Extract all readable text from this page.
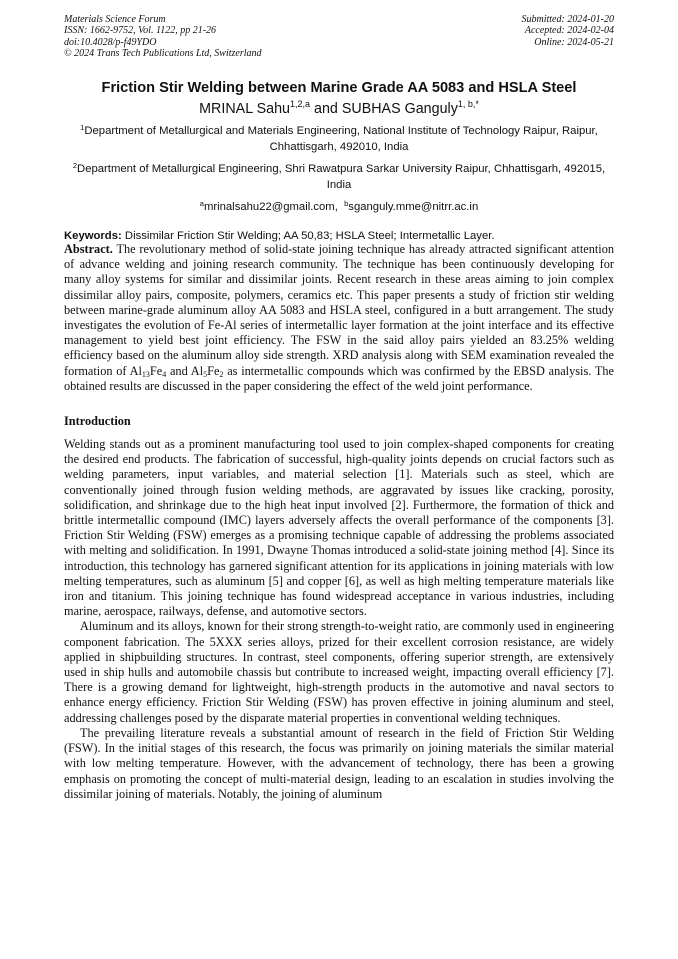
Materials Science Forum
ISSN: 1662-9752, Vol. 1122, pp 21-26
doi:10.4028/p-f49YDO
© 2024 Trans Tech Publications Ltd, Switzerland
Submitted: 2024-01-20
Accepted: 2024-02-04
Online: 2024-05-21
Friction Stir Welding between Marine Grade AA 5083 and HSLA Steel
MRINAL Sahu$^{1,2,a}$ and SUBHAS Ganguly$^{1, b,*}$
$^1$Department of Metallurgical and Materials Engineering, National Institute of Technology Raipur, Raipur, Chhattisgarh, 492010, India
$^2$Department of Metallurgical Engineering, Shri Rawatpura Sarkar University Raipur, Chhattisgarh, 492015, India
$^a$mrinalsahu22@gmail.com, $^b$sganguly.mme@nitrr.ac.in
Keywords: Dissimilar Friction Stir Welding; AA 50,83; HSLA Steel; Intermetallic Layer.

Abstract. The revolutionary method of solid-state joining technique has already attracted significant attention of advance welding and joining research community. The technique has been continuously developing for many alloy systems for similar and dissimilar joints. Recent research in these areas aiming to join complex dissimilar alloy pairs, composite, polymers, ceramics etc. This paper presents a study of friction stir welding between marine-grade aluminum alloy AA 5083 and HSLA steel, configured in a butt arrangement. The study investigates the evolution of Fe-Al series of intermetallic layer formation at the joint interface and its effective management to yield best joint efficiency. The FSW in the said alloy pairs yielded an 83.25% welding efficiency based on the aluminum alloy side strength. XRD analysis along with SEM examination revealed the formation of $Al_{13}Fe_4$ and $Al_5Fe_2$ as intermetallic compounds which was confirmed by the EBSD analysis. The obtained results are discussed in the paper considering the effect of the weld joint performance.

Introduction

Welding stands out as a prominent manufacturing tool used to join complex-shaped components for creating the desired end products. The fabrication of successful, high-quality joints depends on crucial factors such as welding parameters, input variables, and material selection [1]. Materials such as steel, which are conventionally joined through fusion welding methods, are aggravated by issues like cracking, porosity, solidification, and shrinkage due to the high heat input involved [2]. Furthermore, the formation of thick and brittle intermetallic compound (IMC) layers adversely affects the overall performance of the components [3]. Friction Stir Welding (FSW) emerges as a promising technique capable of addressing the problems associated with melting and solidification. In 1991, Dwayne Thomas introduced a solid-state joining method [4]. Since its introduction, this technology has garnered significant attention for its applications in joining materials with low melting temperatures, such as aluminum [5] and copper [6], as well as high melting temperature materials like iron and titanium. This joining technique has found widespread acceptance in various industries, including marine, aerospace, railways, defense, and automotive sectors.

Aluminum and its alloys, known for their strong strength-to-weight ratio, are commonly used in engineering component fabrication. The 5XXX series alloys, prized for their excellent corrosion resistance, are widely applied in shipbuilding structures. In contrast, steel components, offering superior strength, are extensively used in ship hulls and automobile chassis but contribute to increased weight, impacting overall efficiency [7]. There is a growing demand for lightweight, high-strength products in the automotive and naval sectors to enhance energy efficiency. Friction Stir Welding (FSW) has proven effective in joining aluminum and steel, addressing challenges posed by the disparate material properties in conventional welding techniques.

The prevailing literature reveals a substantial amount of research in the field of Friction Stir Welding (FSW). In the initial stages of this research, the focus was primarily on joining materials the similar material with low melting temperature. However, with the advancement of technology, there has been a growing emphasis on promoting the concept of multi-material design, leading to an escalation in studies involving the dissimilar joining of materials. Notably, the joining of aluminum
